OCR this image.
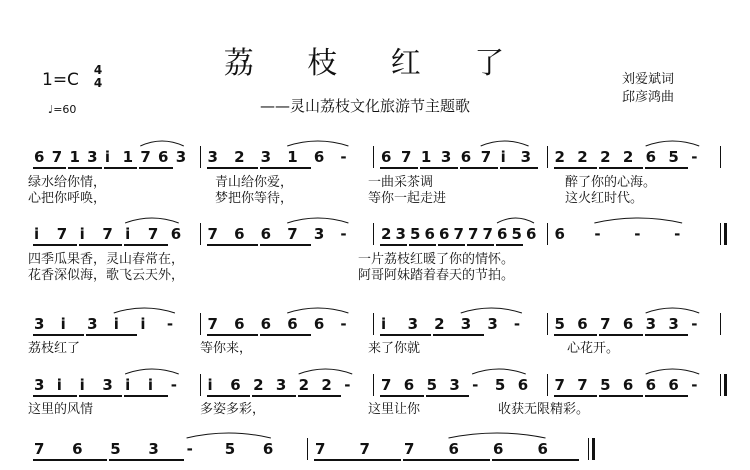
荔 枝 红 了
——灵山荔枝文化旅游节主题歌
1=C 4
4
♩=60
刘爱斌词
邱彦鸿曲
6 7 1 3 i 1 7 6 3 3 2 3 1 6 - 6 7 1 3 6 7 i 3 2 2 2 2 6 5 -
绿水给你情，	青山给你爱，	一曲采茶调	醉了你的心海。
心把你呼唤，	梦把你等待，	等你一起走进	这火红时代。
i 7 i 7 i 7 6 7 6 6 7 3 - 2 3 5 6 6 7 7 7 6 5 6 6 - - -
四季瓜果香，灵山春常在，	一片荔枝红暖了你的情怀。
花香深似海，歌飞云天外，	阿哥阿妹踏着春天的节拍。
3 i 3 i i - 7 6 6 6 6 - i 3 2 3 3 - 5 6 7 6 3 3 -
荔枝红了	等你来，	来了你就	心花开。
3 i i 3 i i - i 6 2 3 2 2 - 7 6 5 3 - 5 6 7 7 5 6 6 6 -
这里的风情	多姿多彩，	这里让你	收获无限精彩。
7 6 5 3 - 5 6	7 7 7 6 6 6
